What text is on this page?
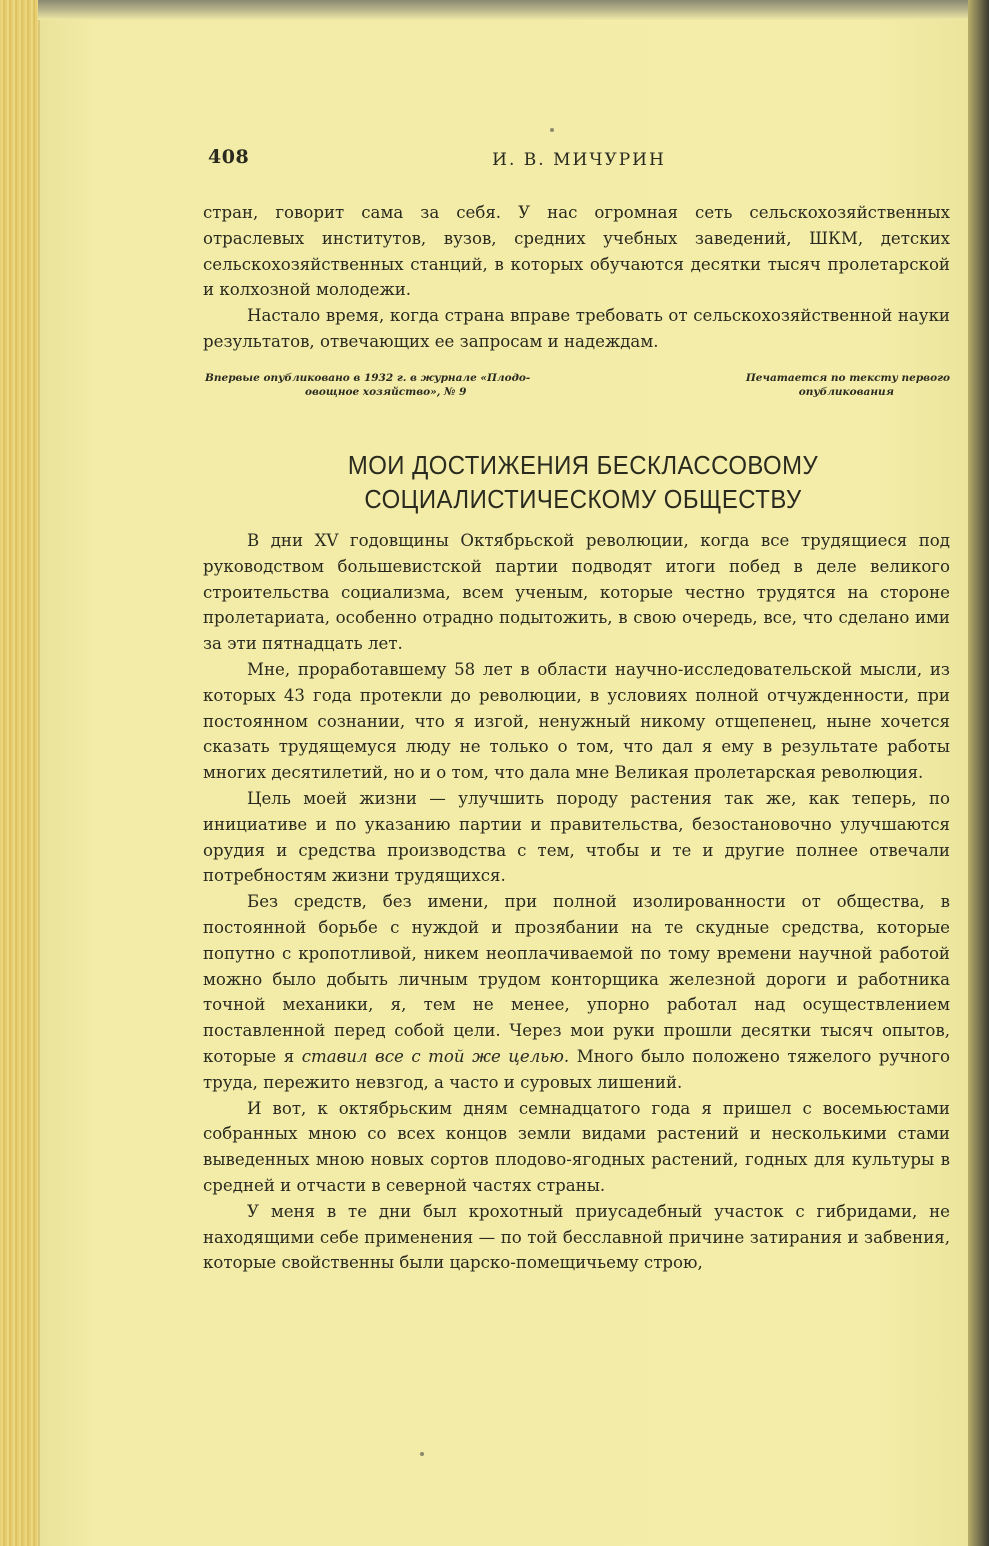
408	И. В. МИЧУРИН

стран, говорит сама за себя. У нас огромная сеть сельскохозяйственных отраслевых институтов, вузов, средних учебных заведений, ШКМ, детских сельскохозяйственных станций, в которых обучаются десятки тысяч пролетарской и колхозной молодежи.

Настало время, когда страна вправе требовать от сельскохозяйственной науки результатов, отвечающих ее запросам и надеждам.

Впервые опубликовано в 1932 г. в журнале «Плодо-
овощное хозяйство», № 9
Печатается по тексту первого
опубликования
МОИ ДОСТИЖЕНИЯ БЕСКЛАССОВОМУ
СОЦИАЛИСТИЧЕСКОМУ ОБЩЕСТВУ

В дни XV годовщины Октябрьской революции, когда все трудящиеся под руководством большевистской партии подводят итоги побед в деле великого строительства социализма, всем ученым, которые честно трудятся на стороне пролетариата, особенно отрадно подытожить, в свою очередь, все, что сделано ими за эти пятнадцать лет.

Мне, проработавшему 58 лет в области научно-исследовательской мысли, из которых 43 года протекли до революции, в условиях полной отчужденности, при постоянном сознании, что я изгой, ненужный никому отщепенец, ныне хочется сказать трудящемуся люду не только о том, что дал я ему в результате работы многих десятилетий, но и о том, что дала мне Великая пролетарская революция.

Цель моей жизни — улучшить породу растения так же, как теперь, по инициативе и по указанию партии и правительства, безостановочно улучшаются орудия и средства производства с тем, чтобы и те и другие полнее отвечали потребностям жизни трудящихся.

Без средств, без имени, при полной изолированности от общества, в постоянной борьбе с нуждой и прозябании на те скудные средства, которые попутно с кропотливой, никем неоплачиваемой по тому времени научной работой можно было добыть личным трудом конторщика железной дороги и работника точной механики, я, тем не менее, упорно работал над осуществлением поставленной перед собой цели. Через мои руки прошли десятки тысяч опытов, которые я ставил все с той же целью. Много было положено тяжелого ручного труда, пережито невзгод, а часто и суровых лишений.

И вот, к октябрьским дням семнадцатого года я пришел с восемьюстами собранных мною со всех концов земли видами растений и несколькими стами выведенных мною новых сортов плодово-ягодных растений, годных для культуры в средней и отчасти в северной частях страны.

У меня в те дни был крохотный приусадебный участок с гибридами, не находящими себе применения — по той бесславной причине затирания и забвения, которые свойственны были царско-помещичьему строю,
